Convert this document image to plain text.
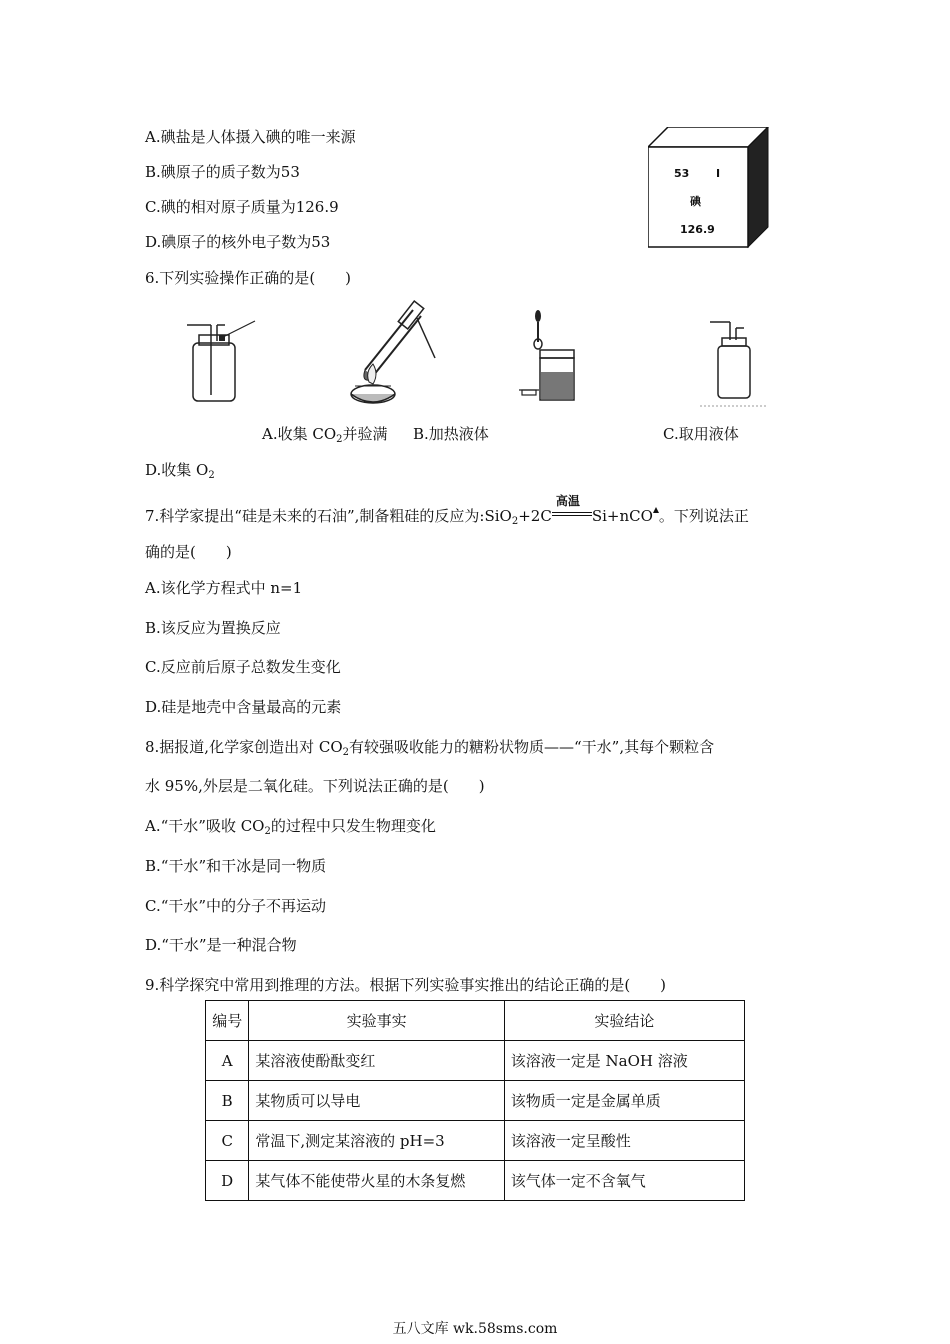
A.碘盐是人体摄入碘的唯一来源
B.碘原子的质子数为53
C.碘的相对原子质量为126.9
D.碘原子的核外电子数为53
53 I
碘
126.9
6.下列实验操作正确的是(　　)
A.收集 $CO_2$并验满 B.加热液体	C.取用液体
D.收集 $O_2$
7.科学家提出“硅是未来的石油”,制备粗硅的反应为:SiO$_2$+2C
高温
Si+nCO 。下列说法正
确的是(　　)
A.该化学方程式中 n=1
B.该反应为置换反应
C.反应前后原子总数发生变化
D.硅是地壳中含量最高的元素
8.据报道,化学家创造出对 $CO_2$有较强吸收能力的糖粉状物质——“干水”,其每个颗粒含
水 95%,外层是二氧化硅。下列说法正确的是(　　)
A.“干水”吸收 $CO_2$的过程中只发生物理变化
B.“干水”和干冰是同一物质
C.“干水”中的分子不再运动
D.“干水”是一种混合物
9.科学探究中常用到推理的方法。根据下列实验事实推出的结论正确的是(　　)
编号	实验事实	实验结论
A	某溶液使酚酞变红	该溶液一定是 NaOH 溶液
B	某物质可以导电	该物质一定是金属单质
C	常温下,测定某溶液的 pH=3	该溶液一定呈酸性
D	某气体不能使带火星的木条复燃	该气体一定不含氧气
五八文库 wk.58sms.com
